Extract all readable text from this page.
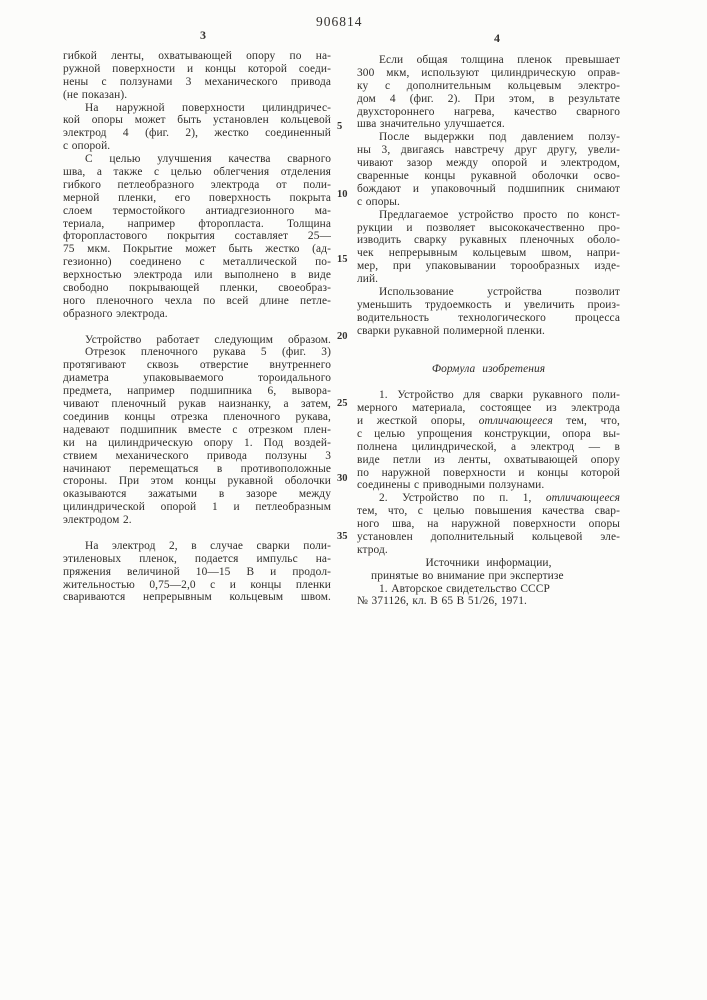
906814
3	4
гибкой ленты, охватывающей опору по на-
ружной поверхности и концы которой соеди-
нены с ползунами 3 механического привода
(не показан).
На наружной поверхности цилиндричес-
кой опоры может быть установлен кольцевой
электрод 4 (фиг. 2), жестко соединенный
с опорой.
С целью улучшения качества сварного
шва, а также с целью облегчения отделения
гибкого петлеобразного электрода от поли-
мерной пленки, его поверхность покрыта
слоем термостойкого антиадгезионного ма-
териала, например фторопласта. Толщина
фторопластового покрытия составляет 25—
75 мкм. Покрытие может быть жестко (ад-
гезионно) соединено с металлической по-
верхностью электрода или выполнено в виде
свободно покрывающей пленки, своеобраз-
ного пленочного чехла по всей длине петле-
образного электрода.
Устройство работает следующим образом.
Отрезок пленочного рукава 5 (фиг. 3)
протягивают сквозь отверстие внутреннего
диаметра упаковываемого тороидального
предмета, например подшипника 6, вывора-
чивают пленочный рукав наизнанку, а затем,
соединив концы отрезка пленочного рукава,
надевают подшипник вместе с отрезком плен-
ки на цилиндрическую опору 1. Под воздей-
ствием механического привода ползуны 3
начинают перемещаться в противоположные
стороны. При этом концы рукавной оболочки
оказываются зажатыми в зазоре между
цилиндрической опорой 1 и петлеобразным
электродом 2.
На электрод 2, в случае сварки поли-
этиленовых пленок, подается импульс на-
пряжения величиной 10—15 В и продол-
жительностью 0,75—2,0 с и концы пленки
свариваются непрерывным кольцевым швом.
5
10
15
20
25
30
35
Если общая толщина пленок превышает
300 мкм, используют цилиндрическую оправ-
ку с дополнительным кольцевым электро-
дом 4 (фиг. 2). При этом, в результате
двухстороннего нагрева, качество сварного
шва значительно улучшается.
После выдержки под давлением ползу-
ны 3, двигаясь навстречу друг другу, увели-
чивают зазор между опорой и электродом,
сваренные концы рукавной оболочки осво-
бождают и упаковочный подшипник снимают
с опоры.
Предлагаемое устройство просто по конст-
рукции и позволяет высококачественно про-
изводить сварку рукавных пленочных оболо-
чек непрерывным кольцевым швом, напри-
мер, при упаковывании торообразных изде-
лий.
Использование устройства позволит
уменьшить трудоемкость и увеличить произ-
водительность технологического процесса
сварки рукавной полимерной пленки.
Формула изобретения
1. Устройство для сварки рукавного поли-
мерного материала, состоящее из электрода
и жесткой опоры, отличающееся тем, что,
с целью упрощения конструкции, опора вы-
полнена цилиндрической, а электрод — в
виде петли из ленты, охватывающей опору
по наружной поверхности и концы которой
соединены с приводными ползунами.
2. Устройство по п. 1, отличающееся
тем, что, с целью повышения качества свар-
ного шва, на наружной поверхности опоры
установлен дополнительный кольцевой эле-
ктрод.
Источники информации,
принятые во внимание при экспертизе
1. Авторское свидетельство СССР
№ 371126, кл. В 65 В 51/26, 1971.
